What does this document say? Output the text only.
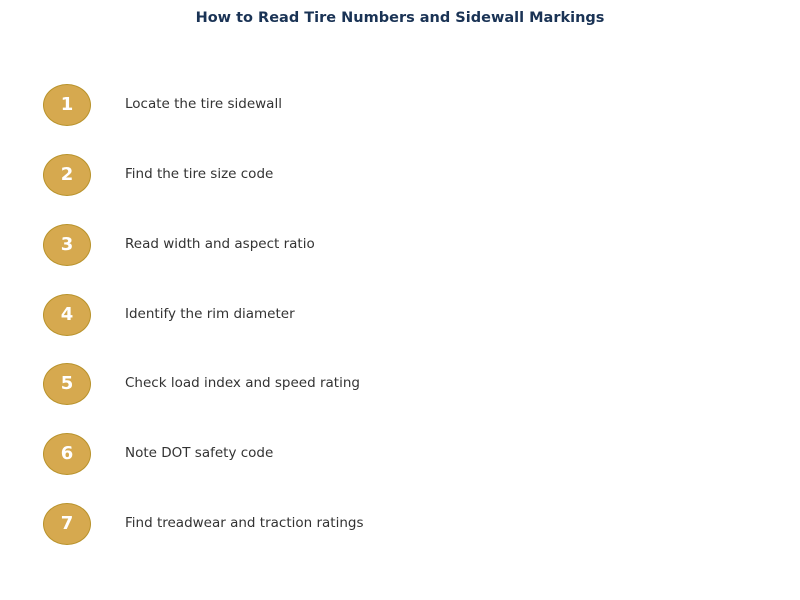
How to Read Tire Numbers and Sidewall Markings
1	Locate the tire sidewall
2	Find the tire size code
3	Read width and aspect ratio
4	Identify the rim diameter
5	Check load index and speed rating
6	Note DOT safety code
7	Find treadwear and traction ratings
